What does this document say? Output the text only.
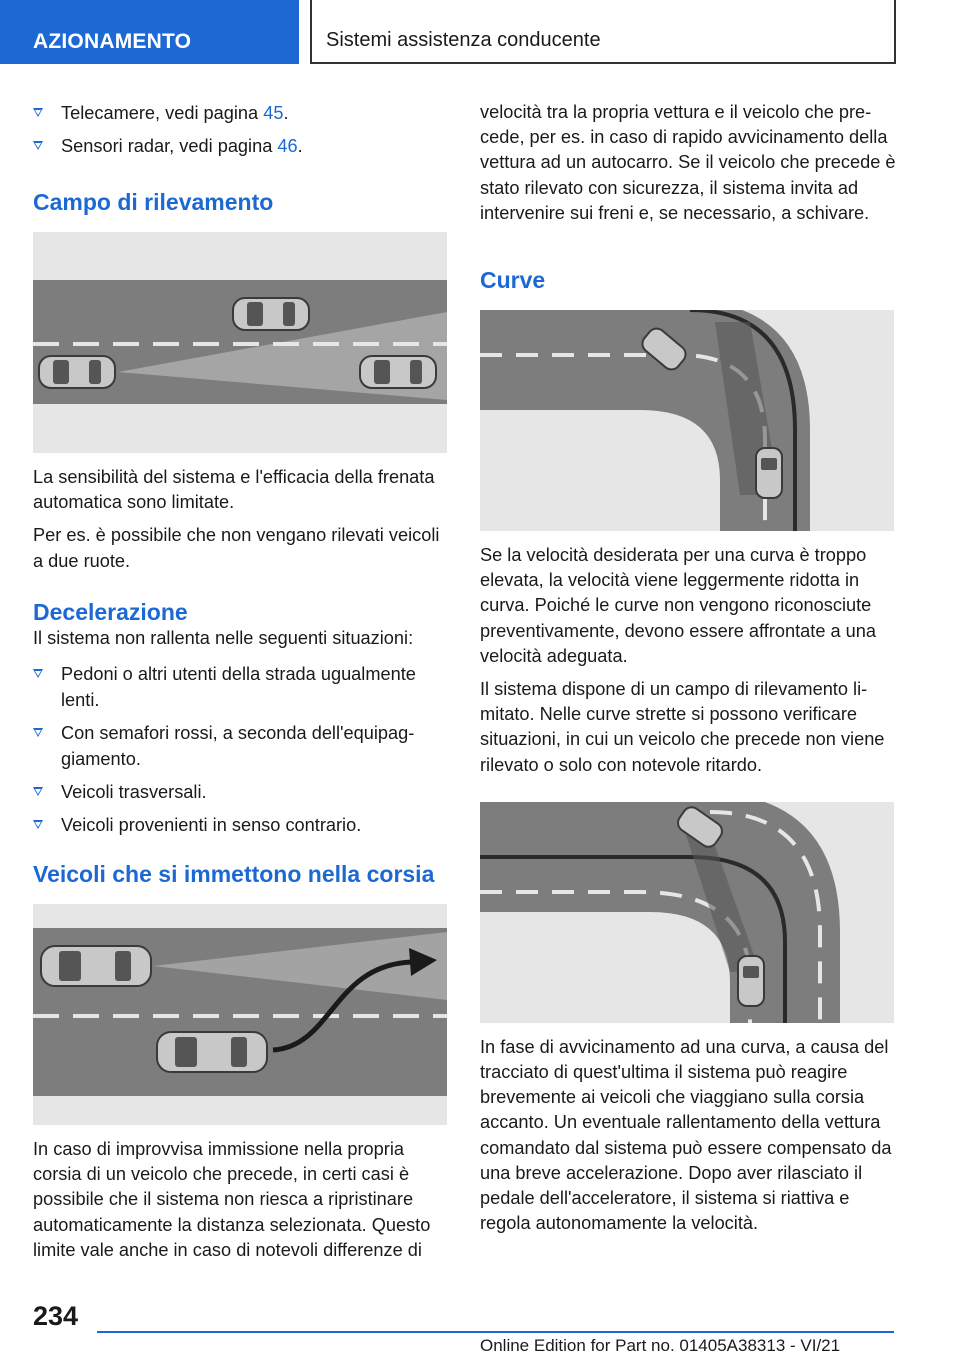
AZIONAMENTO	Sistemi assistenza conducente
Telecamere, vedi pagina 45.
Sensori radar, vedi pagina 46.
Campo di rilevamento

La sensibilità del sistema e l'efficacia della frenata automatica sono limitate.

Per es. è possibile che non vengano rilevati veicoli a due ruote.

Decelerazione

Il sistema non rallenta nelle seguenti situazioni:

Pedoni o altri utenti della strada ugualmente lenti.
Con semafori rossi, a seconda dell'equipaggiamento.
Veicoli trasversali.
Veicoli provenienti in senso contrario.
Veicoli che si immettono nella corsia

In caso di improvvisa immissione nella propria corsia di un veicolo che precede, in certi casi è possibile che il sistema non riesca a ripristinare automaticamente la distanza selezionata. Questo limite vale anche in caso di notevoli differenze di

velocità tra la propria vettura e il veicolo che precede, per es. in caso di rapido avvicinamento della vettura ad un autocarro. Se il veicolo che precede è stato rilevato con sicurezza, il sistema invita ad intervenire sui freni e, se necessario, a schivare.

Curve

Se la velocità desiderata per una curva è troppo elevata, la velocità viene leggermente ridotta in curva. Poiché le curve non vengono riconosciute preventivamente, devono essere affrontate a una velocità adeguata.

Il sistema dispone di un campo di rilevamento limitato. Nelle curve strette si possono verificare situazioni, in cui un veicolo che precede non viene rilevato o solo con notevole ritardo.

In fase di avvicinamento ad una curva, a causa del tracciato di quest'ultima il sistema può reagire brevemente ai veicoli che viaggiano sulla corsia accanto. Un eventuale rallentamento della vettura comandato dal sistema può essere compensato da una breve accelerazione. Dopo aver rilasciato il pedale dell'acceleratore, il sistema si riattiva e regola autonomamente la velocità.

234
Online Edition for Part no. 01405A38313 - VI/21
